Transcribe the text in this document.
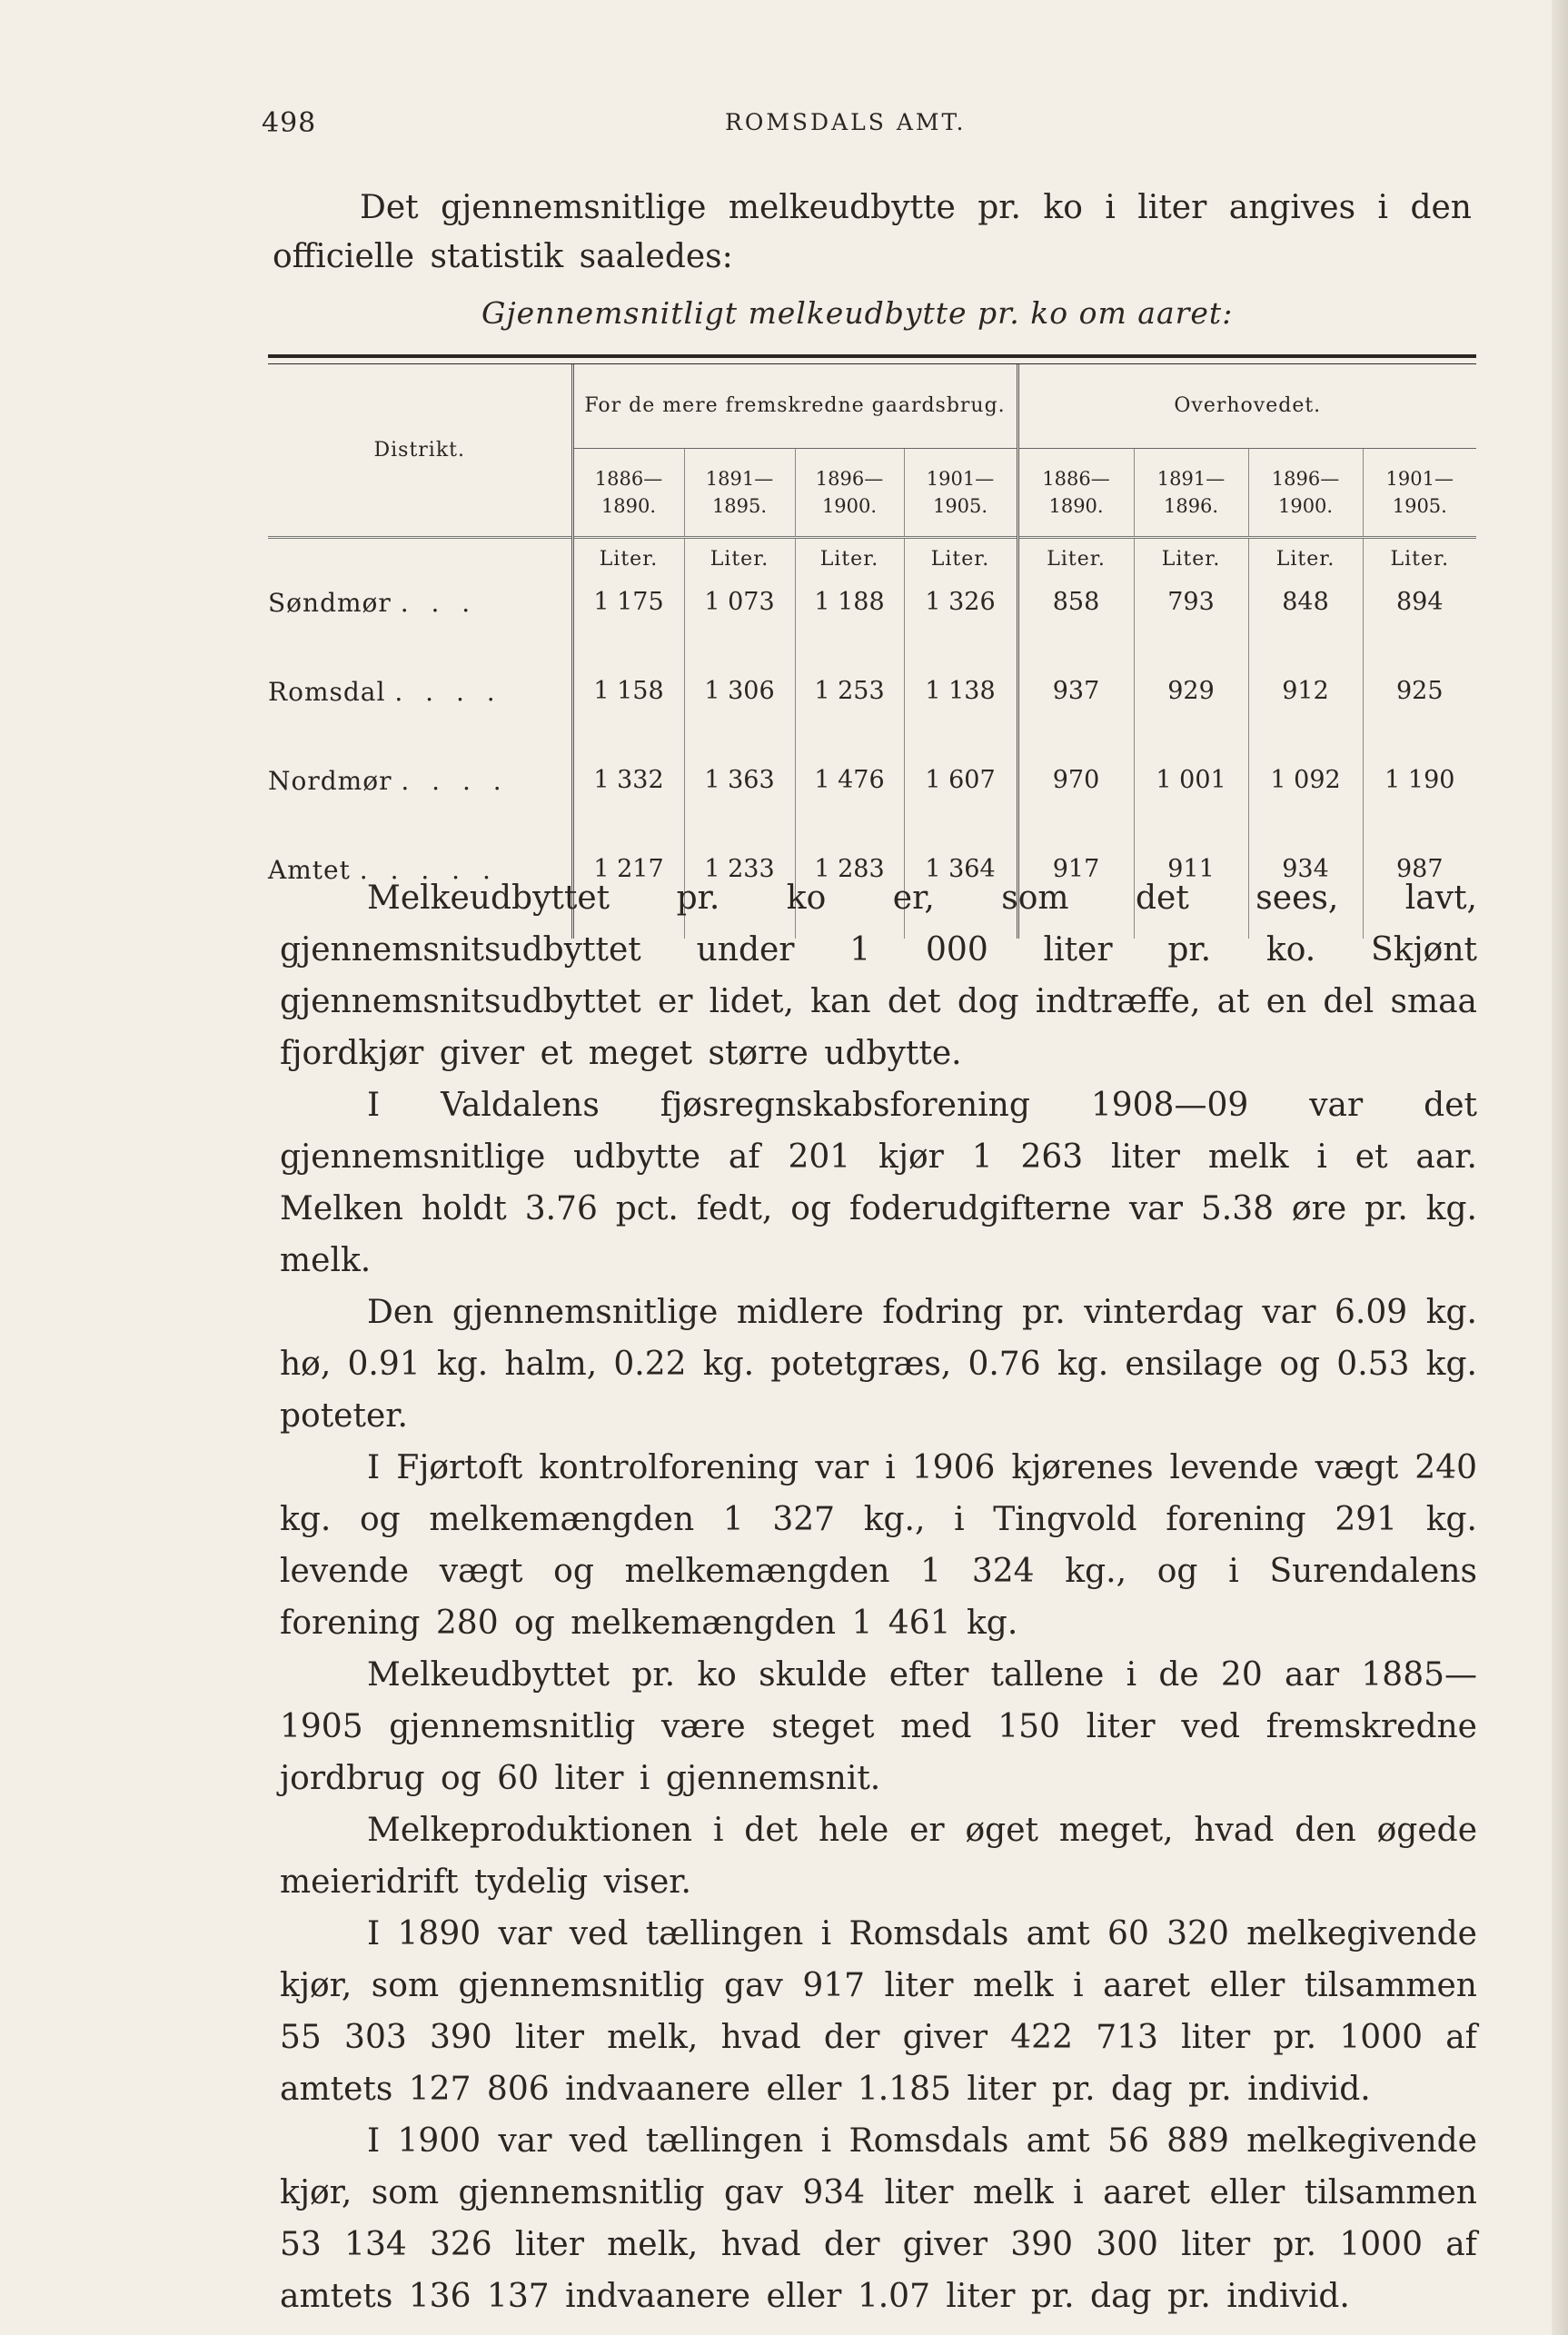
498	ROMSDALS AMT.

Det gjennemsnitlige melkeudbytte pr. ko i liter angives i den officielle statistik saaledes:

Gjennemsnitligt melkeudbytte pr. ko om aaret:
Distrikt.	For de mere fremskredne gaardsbrug.				Overhovedet.			
	1886— 1890.	1891— 1895.	1896— 1900.	1901— 1905.	1886— 1890.	1891— 1896.	1896— 1900.	1901— 1905.
	Liter.	Liter.	Liter.	Liter.	Liter.	Liter.	Liter.	Liter.
Søndmør . . .	1 175	1 073	1 188	1 326	858	793	848	894
Romsdal . . . .	1 158	1 306	1 253	1 138	937	929	912	925
Nordmør . . . .	1 332	1 363	1 476	1 607	970	1 001	1 092	1 190
Amtet . . . . .	1 217	1 233	1 283	1 364	917	911	934	987

Melkeudbyttet pr. ko er, som det sees, lavt, gjennemsnitsudbyttet under 1 000 liter pr. ko. Skjønt gjennemsnitsudbyttet er lidet, kan det dog indtræffe, at en del smaa fjordkjør giver et meget større udbytte.

I Valdalens fjøsregnskabsforening 1908—09 var det gjennemsnitlige udbytte af 201 kjør 1 263 liter melk i et aar. Melken holdt 3.76 pct. fedt, og foderudgifterne var 5.38 øre pr. kg. melk.

Den gjennemsnitlige midlere fodring pr. vinterdag var 6.09 kg. hø, 0.91 kg. halm, 0.22 kg. potetgræs, 0.76 kg. ensilage og 0.53 kg. poteter.

I Fjørtoft kontrolforening var i 1906 kjørenes levende vægt 240 kg. og melkemængden 1 327 kg., i Tingvold forening 291 kg. levende vægt og melkemængden 1 324 kg., og i Surendalens forening 280 og melkemængden 1 461 kg.

Melkeudbyttet pr. ko skulde efter tallene i de 20 aar 1885—1905 gjennemsnitlig være steget med 150 liter ved fremskredne jordbrug og 60 liter i gjennemsnit.

Melkeproduktionen i det hele er øget meget, hvad den øgede meieridrift tydelig viser.

I 1890 var ved tællingen i Romsdals amt 60 320 melkegivende kjør, som gjennemsnitlig gav 917 liter melk i aaret eller tilsammen 55 303 390 liter melk, hvad der giver 422 713 liter pr. 1000 af amtets 127 806 indvaanere eller 1.185 liter pr. dag pr. individ.

I 1900 var ved tællingen i Romsdals amt 56 889 melkegivende kjør, som gjennemsnitlig gav 934 liter melk i aaret eller tilsammen 53 134 326 liter melk, hvad der giver 390 300 liter pr. 1000 af amtets 136 137 indvaanere eller 1.07 liter pr. dag pr. individ.
